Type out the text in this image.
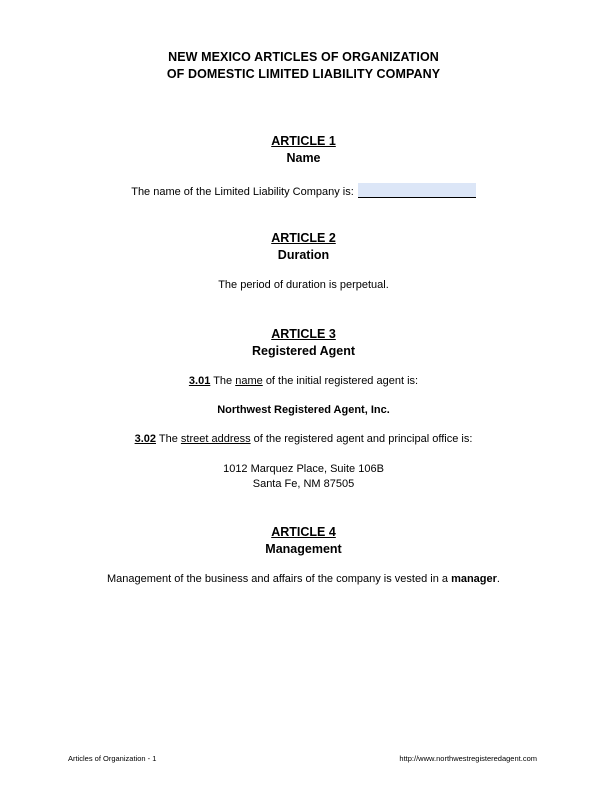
NEW MEXICO ARTICLES OF ORGANIZATION
OF DOMESTIC LIMITED LIABILITY COMPANY
ARTICLE 1
Name
The name of the Limited Liability Company is:
ARTICLE 2
Duration
The period of duration is perpetual.
ARTICLE 3
Registered Agent
3.01 The name of the initial registered agent is:
Northwest Registered Agent, Inc.
3.02 The street address of the registered agent and principal office is:
1012 Marquez Place, Suite 106B
Santa Fe, NM 87505
ARTICLE 4
Management
Management of the business and affairs of the company is vested in a manager.
Articles of Organization - 1	http://www.northwestregisteredagent.com
